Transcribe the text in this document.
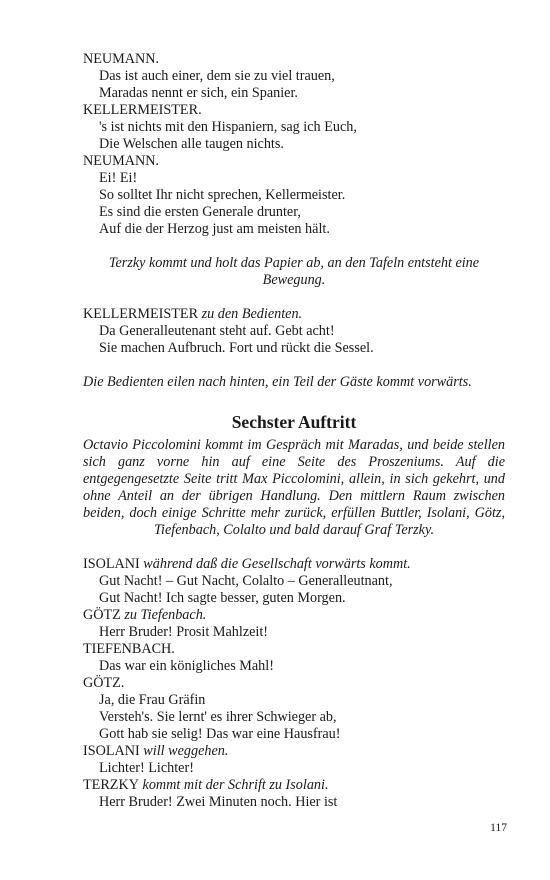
NEUMANN.
Das ist auch einer, dem sie zu viel trauen,
Maradas nennt er sich, ein Spanier.
KELLERMEISTER.
's ist nichts mit den Hispaniern, sag ich Euch,
Die Welschen alle taugen nichts.
NEUMANN.
Ei! Ei!
So solltet Ihr nicht sprechen, Kellermeister.
Es sind die ersten Generale drunter,
Auf die der Herzog just am meisten hält.
Terzky kommt und holt das Papier ab, an den Tafeln entsteht eine Bewegung.
KELLERMEISTER zu den Bedienten.
Da Generalleutenant steht auf. Gebt acht!
Sie machen Aufbruch. Fort und rückt die Sessel.
Die Bedienten eilen nach hinten, ein Teil der Gäste kommt vorwärts.
Sechster Auftritt
Octavio Piccolomini kommt im Gespräch mit Maradas, und beide stellen sich ganz vorne hin auf eine Seite des Proszeniums. Auf die entgegengesetzte Seite tritt Max Piccolomini, allein, in sich gekehrt, und ohne Anteil an der übrigen Handlung. Den mittlern Raum zwischen beiden, doch einige Schritte mehr zurück, erfüllen Buttler, Isolani, Götz, Tiefenbach, Colalto und bald darauf Graf Terzky.
ISOLANI während daß die Gesellschaft vorwärts kommt.
Gut Nacht! – Gut Nacht, Colalto – Generalleutnant,
Gut Nacht! Ich sagte besser, guten Morgen.
GÖTZ zu Tiefenbach.
Herr Bruder! Prosit Mahlzeit!
TIEFENBACH.
Das war ein königliches Mahl!
GÖTZ.
Ja, die Frau Gräfin
Versteh's. Sie lernt' es ihrer Schwieger ab,
Gott hab sie selig! Das war eine Hausfrau!
ISOLANI will weggehen.
Lichter! Lichter!
TERZKY kommt mit der Schrift zu Isolani.
Herr Bruder! Zwei Minuten noch. Hier ist
117
